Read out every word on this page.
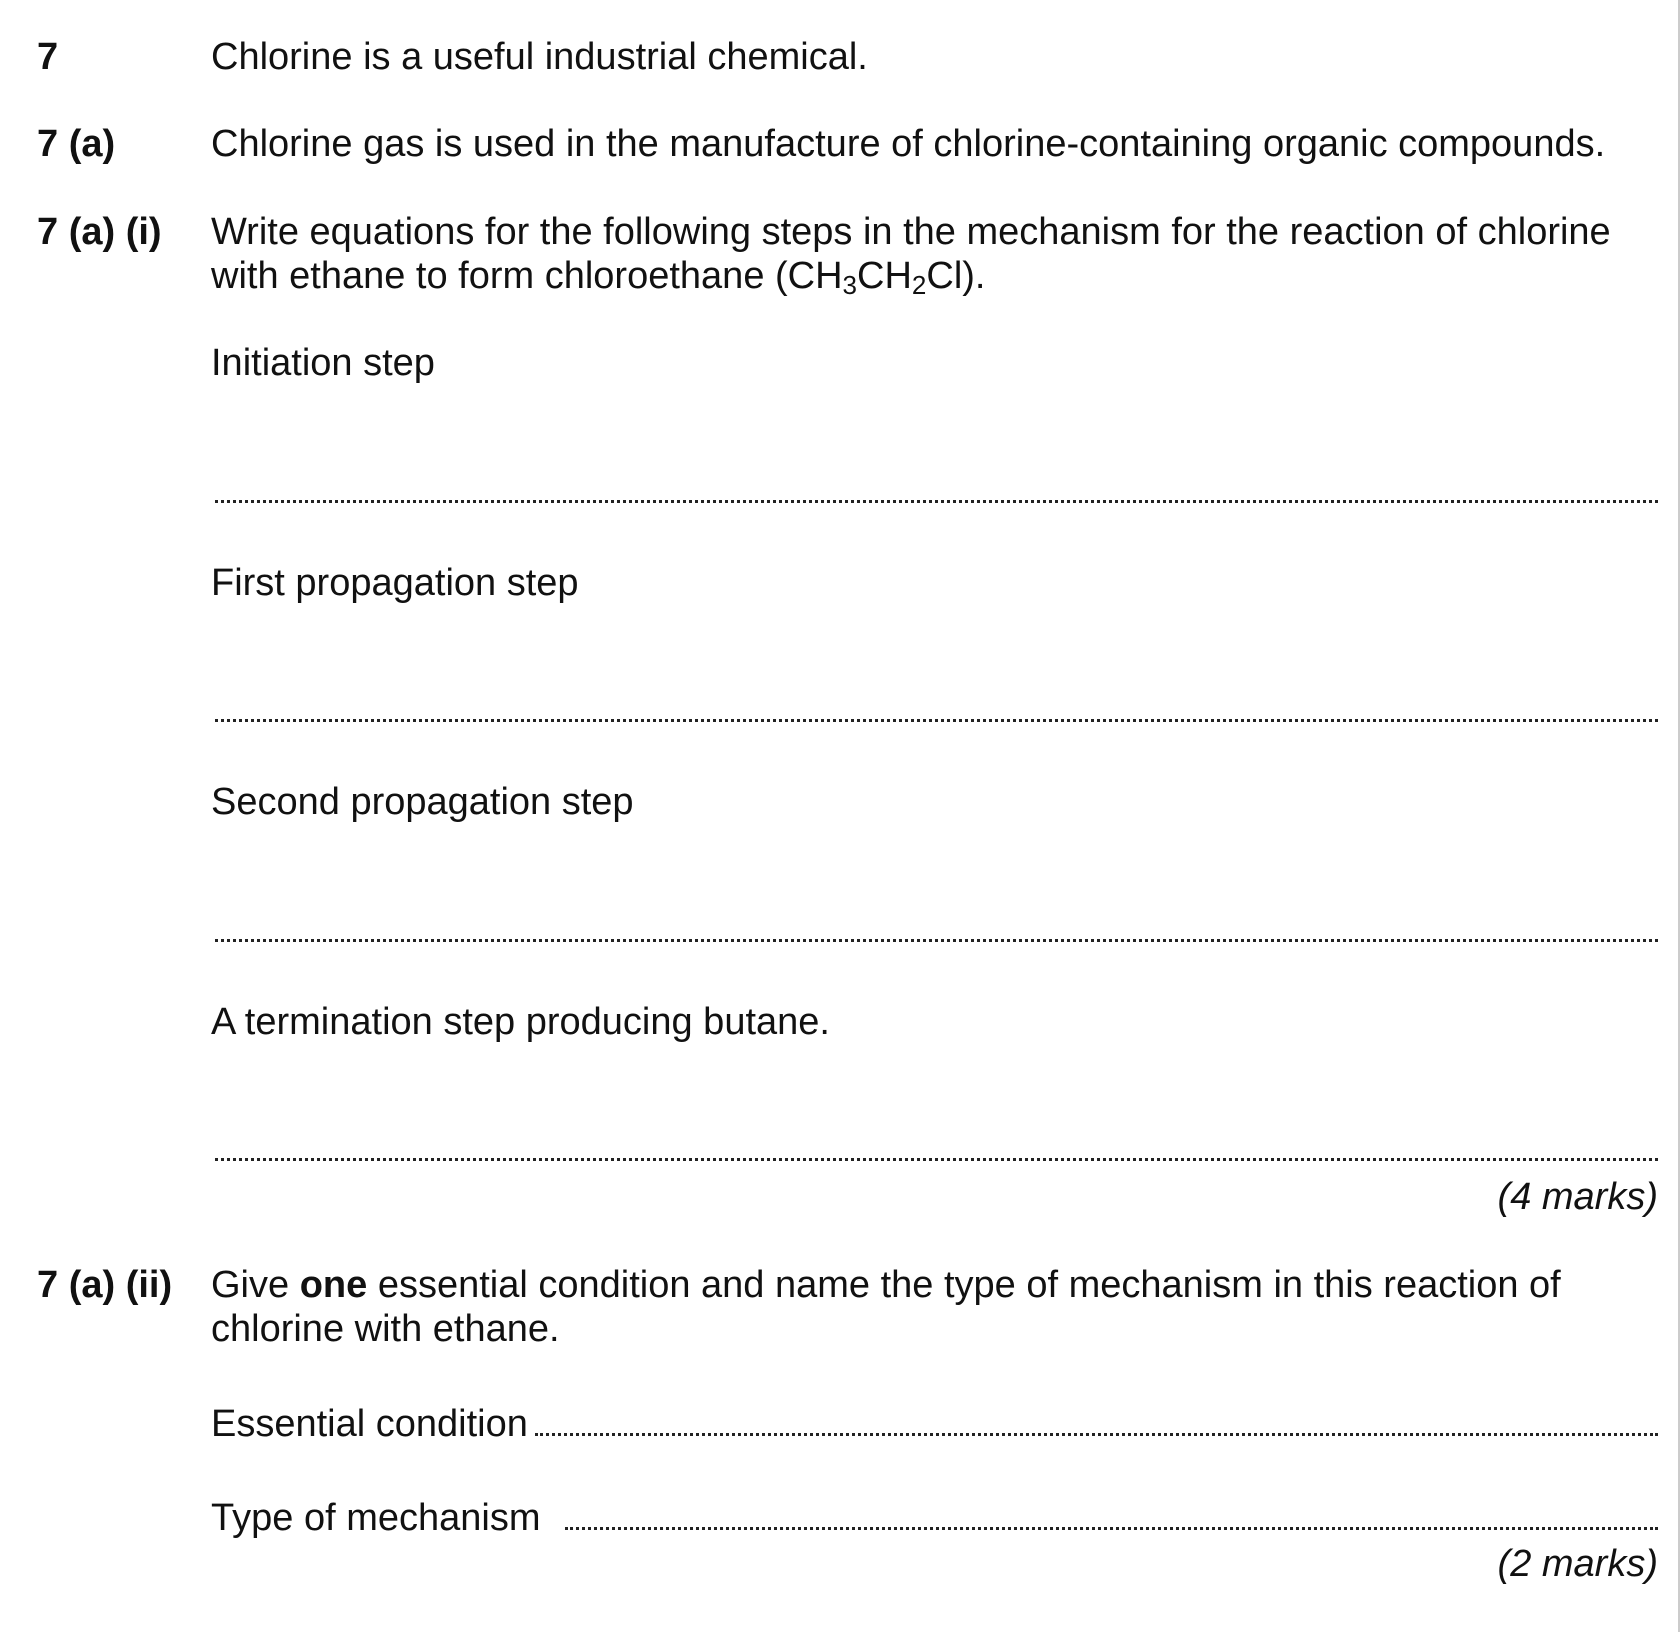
7	Chlorine is a useful industrial chemical.
7 (a)	Chlorine gas is used in the manufacture of chlorine-containing organic compounds.
7 (a) (i) Write equations for the following steps in the mechanism for the reaction of chlorine
with ethane to form chloroethane $(CH_3CH_2Cl)$.
Initiation step
First propagation step
Second propagation step
A termination step producing butane.
(4 marks)
7 (a) (ii) Give one essential condition and name the type of mechanism in this reaction of
chlorine with ethane.
Essential condition
Type of mechanism
(2 marks)
